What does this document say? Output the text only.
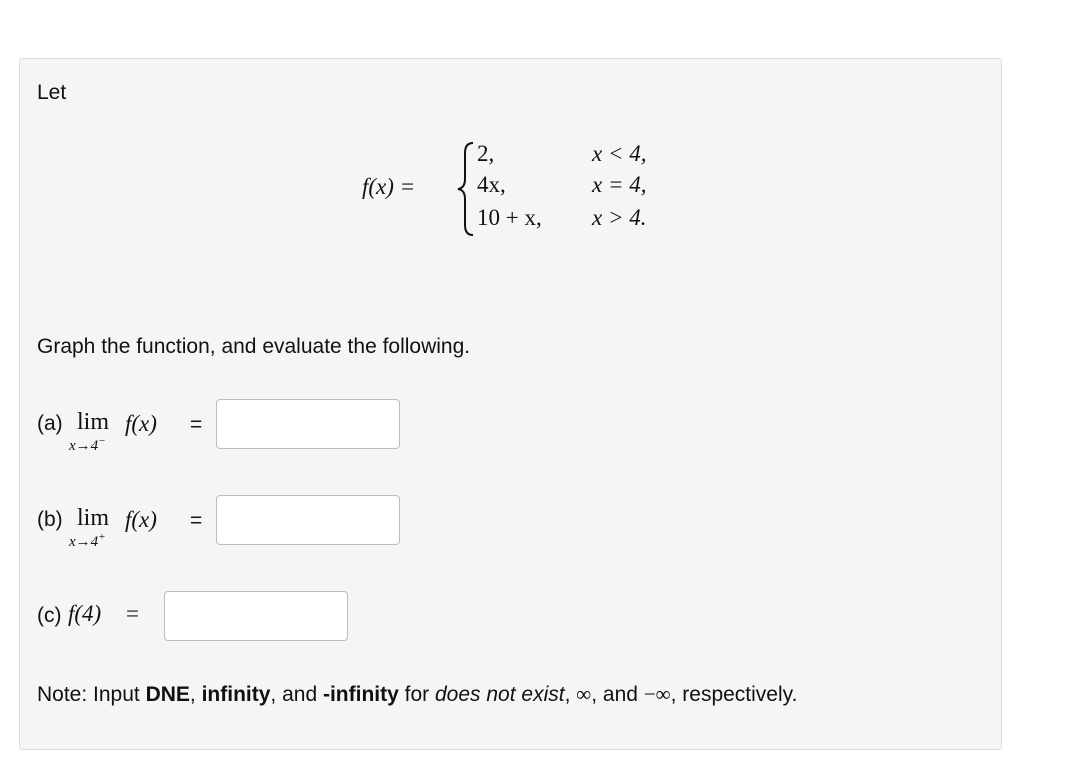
Let
f(x) =
2,	x < 4,
4x,	x = 4,
10 + x, x > 4.
Graph the function, and evaluate the following.
(a) lim
x→4−
f(x) =
(b) lim
x→4+
f(x) =
(c) f(4) =
Note: Input DNE, infinity, and -infinity for does not exist, ∞, and −∞, respectively.
